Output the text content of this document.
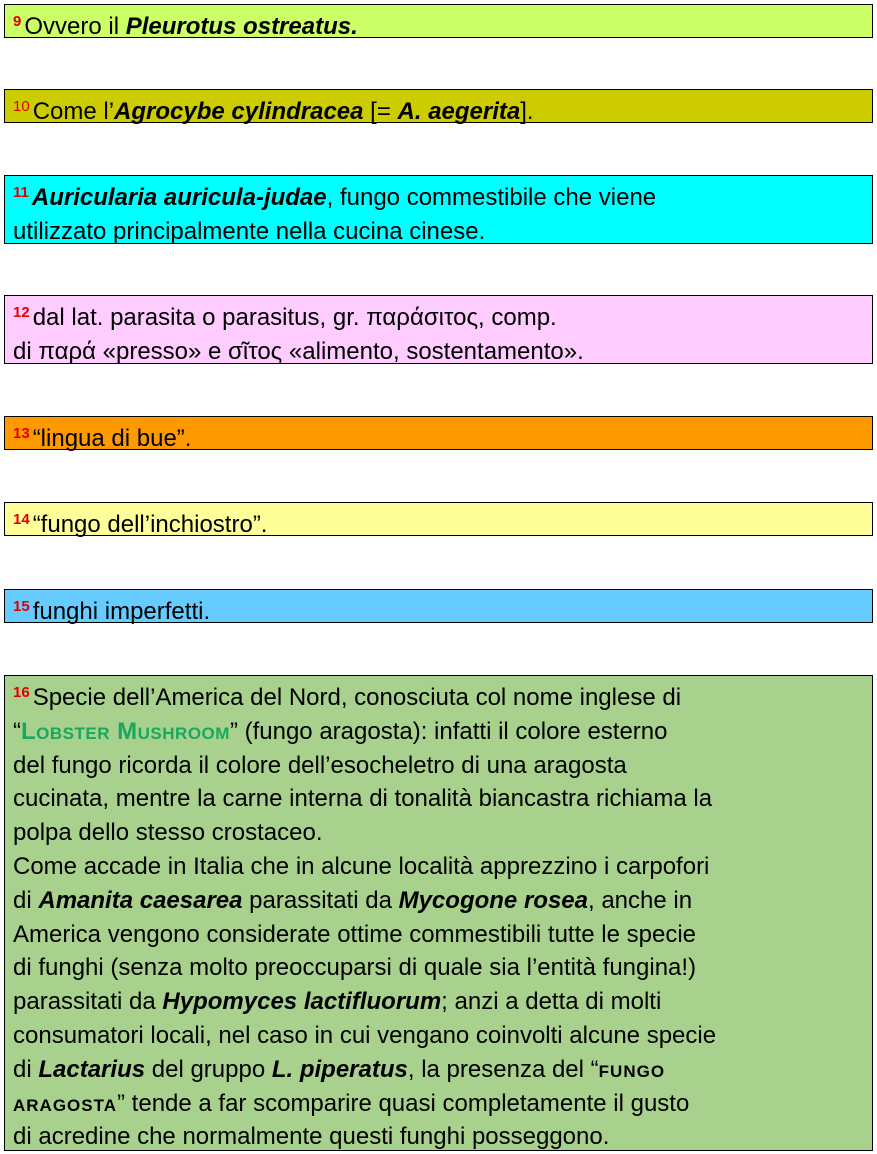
$^9$ Ovvero il Pleurotus ostreatus.
$^{10}$ Come l’Agrocybe cylindracea [= A. aegerita].

$^{11}$ Auricularia auricula-judae, fungo commestibile che viene

utilizzato principalmente nella cucina cinese.

$^{12}$ dal lat. parasita o parasitus, gr. παράσιτος, comp.

di παρά «presso» e σῖτος «alimento, sostentamento».

$^{13}$ “lingua di bue”.
$^{14}$ “fungo dell’inchiostro”.
$^{15}$ funghi imperfetti.

$^{16}$ Specie dell’America del Nord, conosciuta col nome inglese di

“Lobster Mushroom” (fungo aragosta): infatti il colore esterno

del fungo ricorda il colore dell’esocheletro di una aragosta

cucinata, mentre la carne interna di tonalità biancastra richiama la

polpa dello stesso crostaceo.

Come accade in Italia che in alcune località apprezzino i carpofori

di Amanita caesarea parassitati da Mycogone rosea, anche in

America vengono considerate ottime commestibili tutte le specie

di funghi (senza molto preoccuparsi di quale sia l’entità fungina!)

parassitati da Hypomyces lactifluorum; anzi a detta di molti

consumatori locali, nel caso in cui vengano coinvolti alcune specie

di Lactarius del gruppo L. piperatus, la presenza del “fungo

aragosta” tende a far scomparire quasi completamente il gusto

di acredine che normalmente questi funghi posseggono.
